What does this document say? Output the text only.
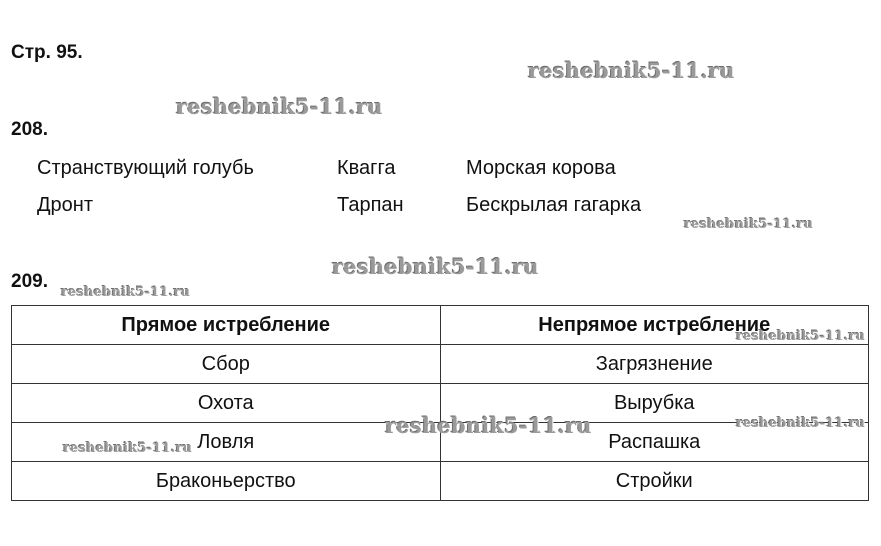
Стр. 95.
208.
Странствующий голубь	Квагга	Морская корова
Дронт	Тарпан	Бескрылая гагарка
209.
Прямое истребление	Непрямое истребление
Сбор	Загрязнение
Охота	Вырубка
Ловля	Распашка
Браконьерство	Стройки
reshebnik5-11.ru
reshebnik5-11.ru
reshebnik5-11.ru
reshebnik5-11.ru
reshebnik5-11.ru
reshebnik5-11.ru
reshebnik5-11.ru	reshebnik5-11.ru
reshebnik5-11.ru
